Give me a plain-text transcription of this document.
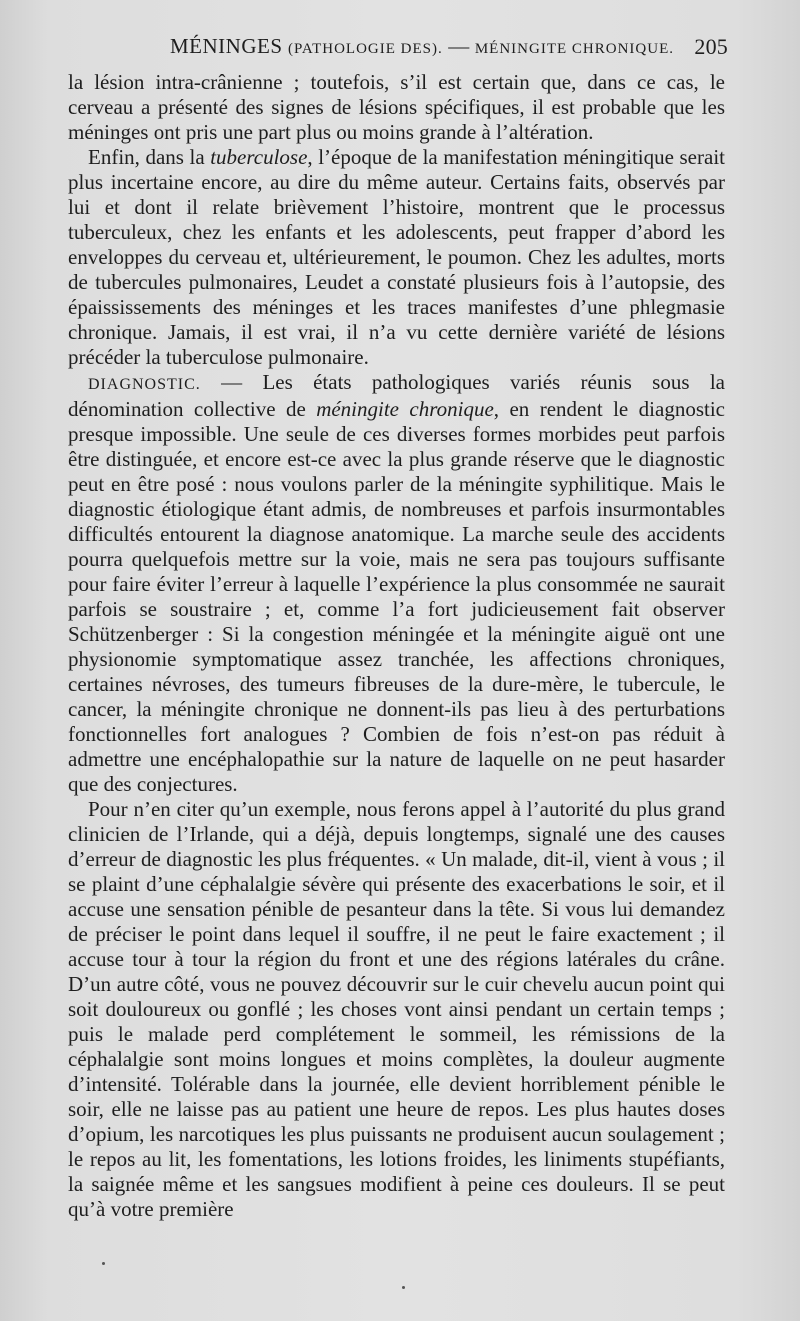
MÉNINGES (PATHOLOGIE DES). — MÉNINGITE CHRONIQUE. 205

la lésion intra-crânienne ; toutefois, s’il est certain que, dans ce cas, le cerveau a présenté des signes de lésions spécifiques, il est probable que les méninges ont pris une part plus ou moins grande à l’altération.

Enfin, dans la tuberculose, l’époque de la manifestation méningitique serait plus incertaine encore, au dire du même auteur. Certains faits, observés par lui et dont il relate brièvement l’histoire, montrent que le processus tuberculeux, chez les enfants et les adolescents, peut frapper d’abord les enveloppes du cerveau et, ultérieurement, le poumon. Chez les adultes, morts de tubercules pulmonaires, Leudet a constaté plusieurs fois à l’autopsie, des épaississements des méninges et les traces manifestes d’une phlegmasie chronique. Jamais, il est vrai, il n’a vu cette dernière variété de lésions précéder la tuberculose pulmonaire.

DIAGNOSTIC. — Les états pathologiques variés réunis sous la dénomination collective de méningite chronique, en rendent le diagnostic presque impossible. Une seule de ces diverses formes morbides peut parfois être distinguée, et encore est-ce avec la plus grande réserve que le diagnostic peut en être posé : nous voulons parler de la méningite syphilitique. Mais le diagnostic étiologique étant admis, de nombreuses et parfois insurmontables difficultés entourent la diagnose anatomique. La marche seule des accidents pourra quelquefois mettre sur la voie, mais ne sera pas toujours suffisante pour faire éviter l’erreur à laquelle l’expérience la plus consommée ne saurait parfois se soustraire ; et, comme l’a fort judicieusement fait observer Schützenberger : Si la congestion méningée et la méningite aiguë ont une physionomie symptomatique assez tranchée, les affections chroniques, certaines névroses, des tumeurs fibreuses de la dure-mère, le tubercule, le cancer, la méningite chronique ne donnent-ils pas lieu à des perturbations fonctionnelles fort analogues ? Combien de fois n’est-on pas réduit à admettre une encéphalopathie sur la nature de laquelle on ne peut hasarder que des conjectures.

Pour n’en citer qu’un exemple, nous ferons appel à l’autorité du plus grand clinicien de l’Irlande, qui a déjà, depuis longtemps, signalé une des causes d’erreur de diagnostic les plus fréquentes. « Un malade, dit-il, vient à vous ; il se plaint d’une céphalalgie sévère qui présente des exacerbations le soir, et il accuse une sensation pénible de pesanteur dans la tête. Si vous lui demandez de préciser le point dans lequel il souffre, il ne peut le faire exactement ; il accuse tour à tour la région du front et une des régions latérales du crâne. D’un autre côté, vous ne pouvez découvrir sur le cuir chevelu aucun point qui soit douloureux ou gonflé ; les choses vont ainsi pendant un certain temps ; puis le malade perd complétement le sommeil, les rémissions de la céphalalgie sont moins longues et moins complètes, la douleur augmente d’intensité. Tolérable dans la journée, elle devient horriblement pénible le soir, elle ne laisse pas au patient une heure de repos. Les plus hautes doses d’opium, les narcotiques les plus puissants ne produisent aucun soulagement ; le repos au lit, les fomentations, les lotions froides, les liniments stupéfiants, la saignée même et les sangsues modifient à peine ces douleurs. Il se peut qu’à votre première
